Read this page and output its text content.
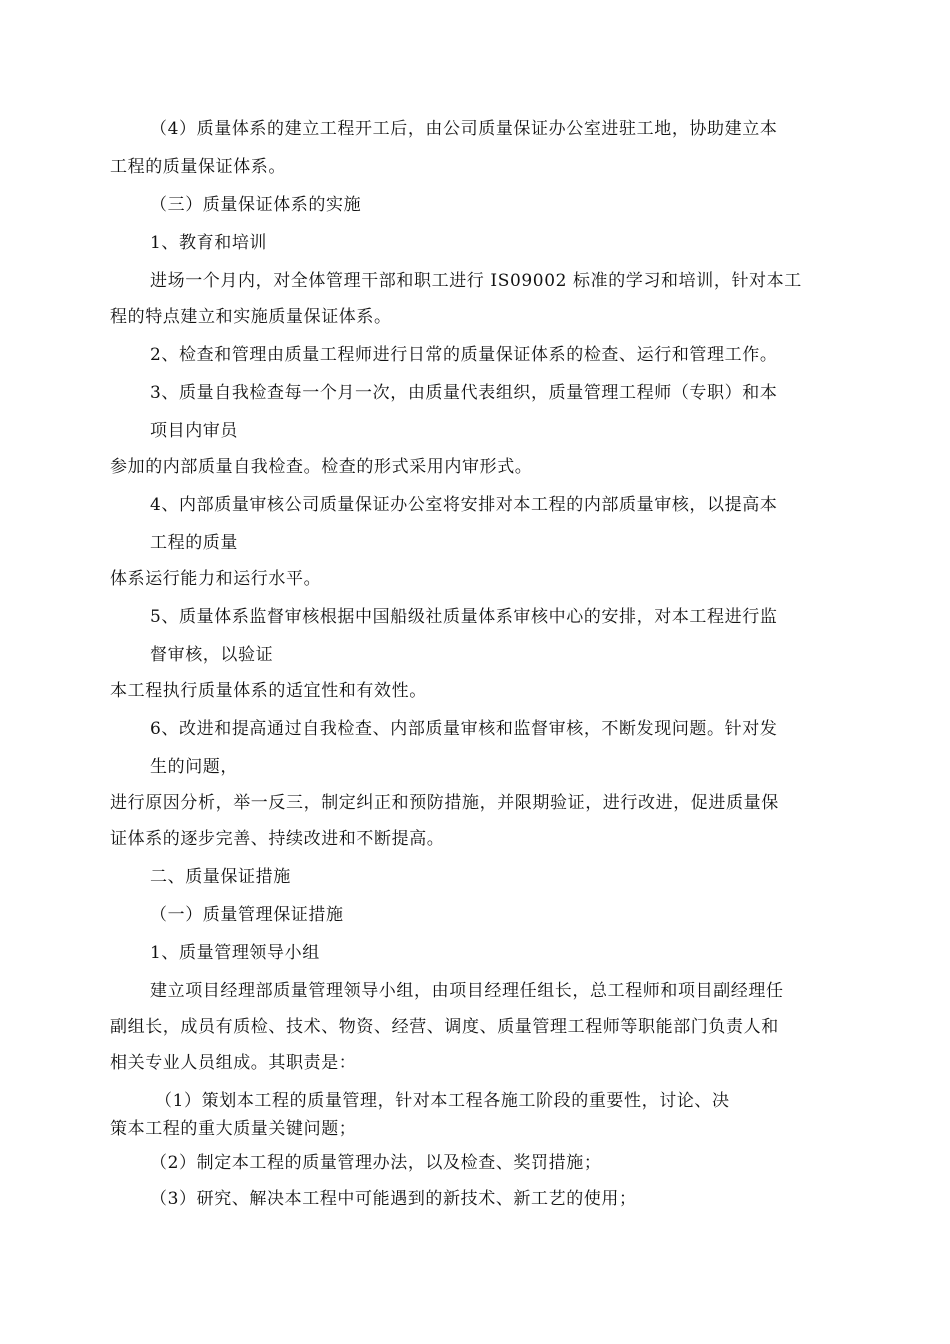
（4）质量体系的建立工程开工后，由公司质量保证办公室进驻工地，协助建立本
工程的质量保证体系。
（三）质量保证体系的实施
1、教育和培训
进场一个月内，对全体管理干部和职工进行 IS09002 标准的学习和培训，针对本工
程的特点建立和实施质量保证体系。
2、检查和管理由质量工程师进行日常的质量保证体系的检查、运行和管理工作。
3、质量自我检查每一个月一次，由质量代表组织，质量管理工程师（专职）和本
项目内审员
参加的内部质量自我检查。检查的形式采用内审形式。
4、内部质量审核公司质量保证办公室将安排对本工程的内部质量审核，以提高本
工程的质量
体系运行能力和运行水平。
5、质量体系监督审核根据中国船级社质量体系审核中心的安排，对本工程进行监
督审核，以验证
本工程执行质量体系的适宜性和有效性。
6、改进和提高通过自我检查、内部质量审核和监督审核，不断发现问题。针对发
生的问题，
进行原因分析，举一反三，制定纠正和预防措施，并限期验证，进行改进，促进质量保
证体系的逐步完善、持续改进和不断提高。
二、质量保证措施
（一）质量管理保证措施
1、质量管理领导小组
建立项目经理部质量管理领导小组，由项目经理任组长，总工程师和项目副经理任
副组长，成员有质检、技术、物资、经营、调度、质量管理工程师等职能部门负责人和
相关专业人员组成。其职责是：
（1）策划本工程的质量管理，针对本工程各施工阶段的重要性，讨论、决
策本工程的重大质量关键问题；
（2）制定本工程的质量管理办法，以及检查、奖罚措施；
（3）研究、解决本工程中可能遇到的新技术、新工艺的使用；
